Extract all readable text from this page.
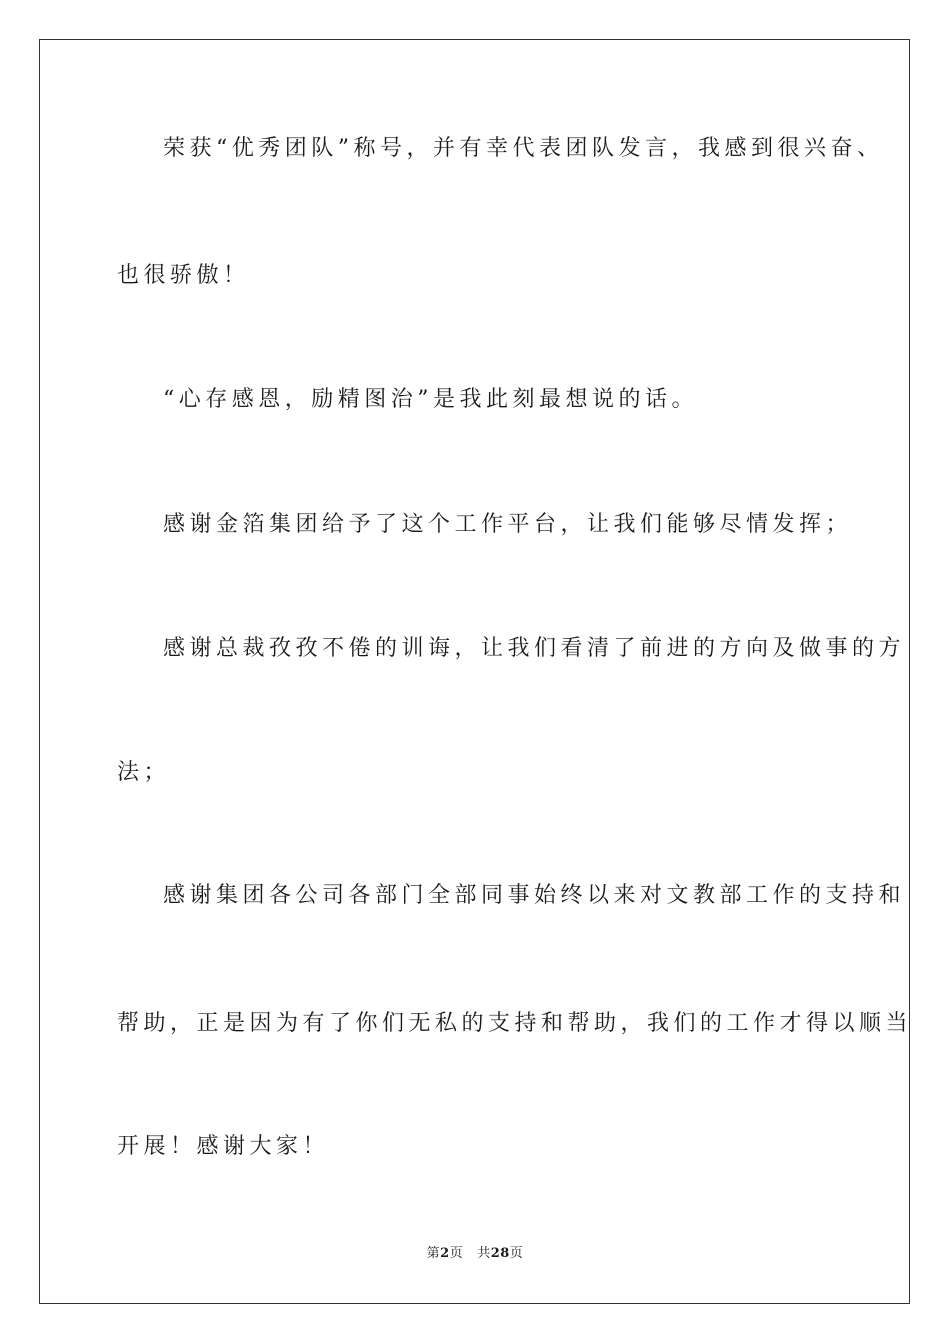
荣获“优秀团队”称号，并有幸代表团队发言，我感到很兴奋、
也很骄傲！
“心存感恩，励精图治”是我此刻最想说的话。
感谢金箔集团给予了这个工作平台，让我们能够尽情发挥；
感谢总裁孜孜不倦的训诲，让我们看清了前进的方向及做事的方
法；
感谢集团各公司各部门全部同事始终以来对文教部工作的支持和
帮助，正是因为有了你们无私的支持和帮助，我们的工作才得以顺当
开展！感谢大家！
第2页 共28页
